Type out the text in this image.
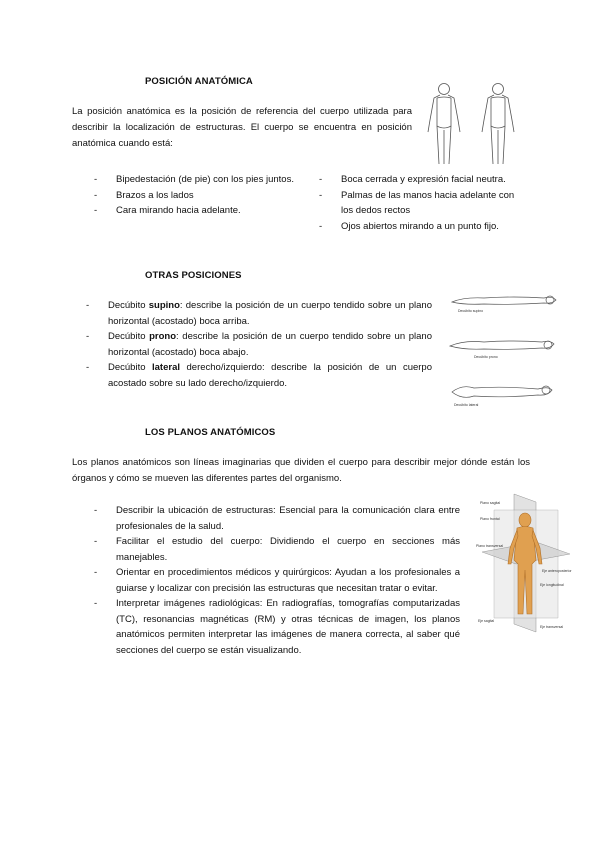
POSICIÓN ANATÓMICA
La posición anatómica es la posición de referencia del cuerpo utilizada para describir la localización de estructuras. El cuerpo se encuentra en posición anatómica cuando está:
- Bipedestación (de pie) con los pies juntos.
- Brazos a los lados
- Cara mirando hacia adelante.
- Boca cerrada y expresión facial neutra.
- Palmas de las manos hacia adelante con los dedos rectos
- Ojos abiertos mirando a un punto fijo.
OTRAS POSICIONES
- Decúbito supino: describe la posición de un cuerpo tendido sobre un plano horizontal (acostado) boca arriba.
- Decúbito prono: describe la posición de un cuerpo tendido sobre un plano horizontal (acostado) boca abajo.
- Decúbito lateral derecho/izquierdo: describe la posición de un cuerpo acostado sobre su lado derecho/izquierdo.
Decúbito supino
Decúbito prono
Decúbito lateral
LOS PLANOS ANATÓMICOS
Los planos anatómicos son líneas imaginarias que dividen el cuerpo para describir mejor dónde están los órganos y cómo se mueven las diferentes partes del organismo.
- Describir la ubicación de estructuras: Esencial para la comunicación clara entre profesionales de la salud.
- Facilitar el estudio del cuerpo: Dividiendo el cuerpo en secciones más manejables.
- Orientar en procedimientos médicos y quirúrgicos: Ayudan a los profesionales a guiarse y localizar con precisión las estructuras que necesitan tratar o evitar.
- Interpretar imágenes radiológicas: En radiografías, tomografías computarizadas (TC), resonancias magnéticas (RM) y otras técnicas de imagen, los planos anatómicos permiten interpretar las imágenes de manera correcta, al saber qué secciones del cuerpo se están visualizando.
Plano sagital
Plano frontal
Plano transversal
Eje longitudinal
Eje anteroposterior
Eje transversal
Eje sagital
